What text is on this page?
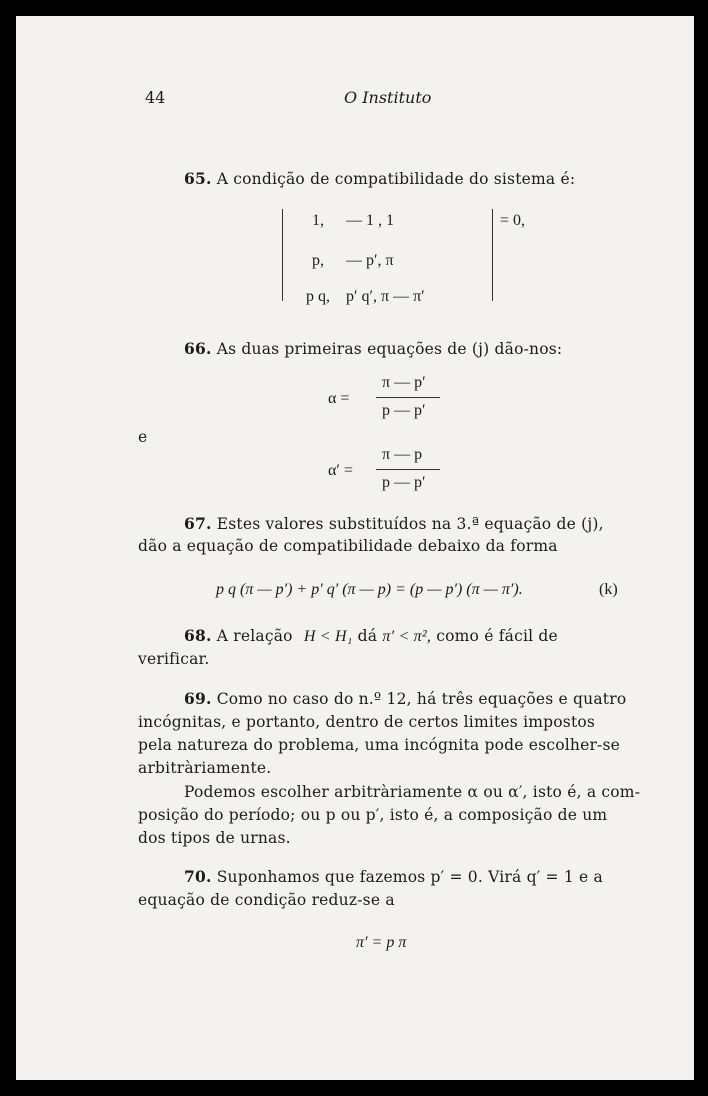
44	O Instituto
65. A condição de compatibilidade do sistema é:
1, — 1 , 1
p, — p′, π
p q, p′ q′, π — π′
= 0,
66. As duas primeiras equações de (j) dão-nos:
α =
π — p′
p — p′
e
α′ =
π — p
p — p′
67. Estes valores substituídos na 3.ª equação de (j),
dão a equação de compatibilidade debaixo da forma
p q (π — p′) + p′ q′ (π — p) = (p — p′) (π — π′).	(k)
68. A relação H < H₁ dá π′ < π², como é fácil de
verificar.
69. Como no caso do n.º 12, há três equações e quatro
incógnitas, e portanto, dentro de certos limites impostos
pela natureza do problema, uma incógnita pode escolher-se
arbitràriamente.
Podemos escolher arbitràriamente α ou α′, isto é, a com-
posição do período; ou p ou p′, isto é, a composição de um
dos tipos de urnas.
70. Suponhamos que fazemos p′ = 0. Virá q′ = 1 e a
equação de condição reduz-se a
π′ = p π
